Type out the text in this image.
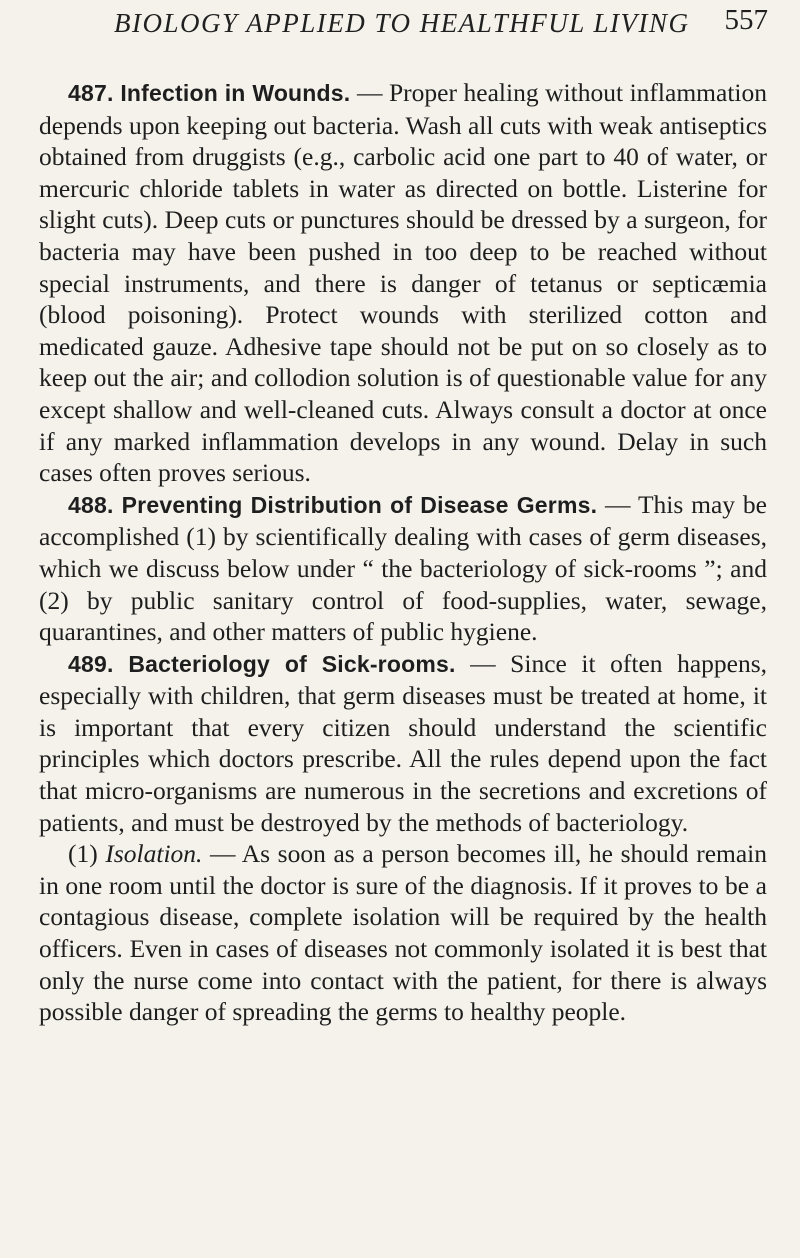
BIOLOGY APPLIED TO HEALTHFUL LIVING 557

487. Infection in Wounds. — Proper healing without inflammation depends upon keeping out bacteria. Wash all cuts with weak antiseptics obtained from druggists (e.g., carbolic acid one part to 40 of water, or mercuric chloride tablets in water as directed on bottle. Listerine for slight cuts). Deep cuts or punctures should be dressed by a surgeon, for bacteria may have been pushed in too deep to be reached without special instruments, and there is danger of tetanus or septicæmia (blood poisoning). Protect wounds with sterilized cotton and medicated gauze. Adhesive tape should not be put on so closely as to keep out the air; and collodion solution is of questionable value for any except shallow and well-cleaned cuts. Always consult a doctor at once if any marked inflammation develops in any wound. Delay in such cases often proves serious.

488. Preventing Distribution of Disease Germs. — This may be accomplished (1) by scientifically dealing with cases of germ diseases, which we discuss below under “ the bacteriology of sick-rooms ”; and (2) by public sanitary control of food-supplies, water, sewage, quarantines, and other matters of public hygiene.

489. Bacteriology of Sick-rooms. — Since it often happens, especially with children, that germ diseases must be treated at home, it is important that every citizen should understand the scientific principles which doctors prescribe. All the rules depend upon the fact that micro-organisms are numerous in the secretions and excretions of patients, and must be destroyed by the methods of bacteriology.

(1) Isolation. — As soon as a person becomes ill, he should remain in one room until the doctor is sure of the diagnosis. If it proves to be a contagious disease, complete isolation will be required by the health officers. Even in cases of diseases not commonly isolated it is best that only the nurse come into contact with the patient, for there is always possible danger of spreading the germs to healthy people.
